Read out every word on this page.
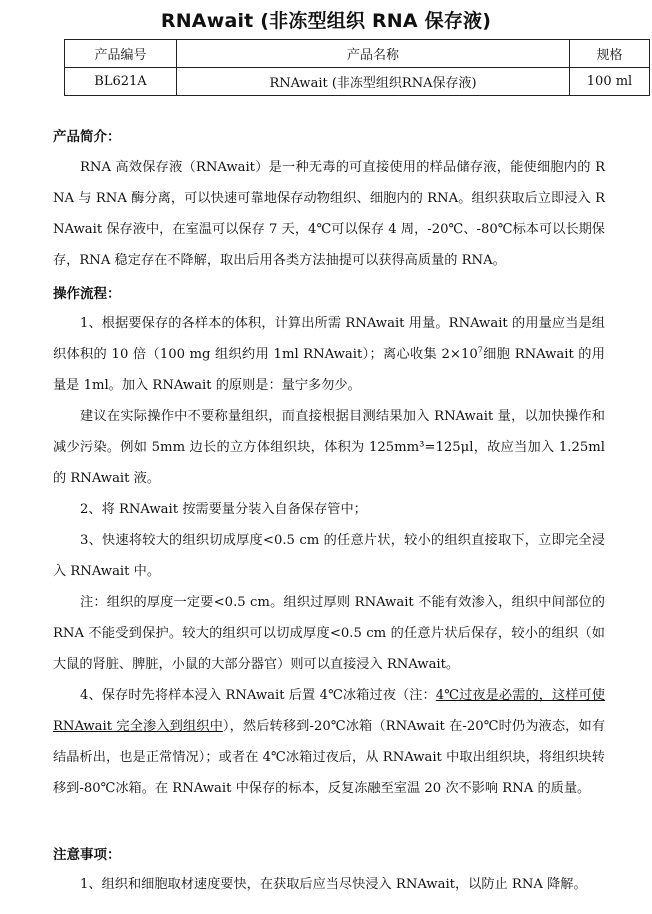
RNAwait (非冻型组织 RNA 保存液)
产品编号	产品名称	规格
BL621A	RNAwait (非冻型组织RNA保存液)	100 ml
产品简介：
RNA 高效保存液（RNAwait）是一种无毒的可直接使用的样品储存液，能使细胞内的 RNA 与 RNA 酶分离，可以快速可靠地保存动物组织、细胞内的 RNA。组织获取后立即浸入 RNAwait 保存液中，在室温可以保存 7 天，4℃可以保存 4 周，-20℃、-80℃标本可以长期保存，RNA 稳定存在不降解，取出后用各类方法抽提可以获得高质量的 RNA。
操作流程：
1、根据要保存的各样本的体积，计算出所需 RNAwait 用量。RNAwait 的用量应当是组织体积的 10 倍（100 mg 组织约用 1ml RNAwait）；离心收集 $2\times 10^7$细胞 RNAwait 的用量是 1ml。加入 RNAwait 的原则是：量宁多勿少。
建议在实际操作中不要称量组织，而直接根据目测结果加入 RNAwait 量，以加快操作和减少污染。例如 5mm 边长的立方体组织块，体积为 125mm³=125μl，故应当加入 1.25ml 的 RNAwait 液。
2、将 RNAwait 按需要量分装入自备保存管中；
3、快速将较大的组织切成厚度<0.5 cm 的任意片状，较小的组织直接取下，立即完全浸入 RNAwait 中。
注：组织的厚度一定要<0.5 cm。组织过厚则 RNAwait 不能有效渗入，组织中间部位的 RNA 不能受到保护。较大的组织可以切成厚度<0.5 cm 的任意片状后保存，较小的组织（如大鼠的肾脏、脾脏，小鼠的大部分器官）则可以直接浸入 RNAwait。
4、保存时先将样本浸入 RNAwait 后置 4℃冰箱过夜（注：4℃过夜是必需的，这样可使 RNAwait 完全渗入到组织中），然后转移到-20℃冰箱（RNAwait 在-20℃时仍为液态，如有结晶析出，也是正常情况）；或者在 4℃冰箱过夜后，从 RNAwait 中取出组织块，将组织块转移到-80℃冰箱。在 RNAwait 中保存的标本，反复冻融至室温 20 次不影响 RNA 的质量。
注意事项：
1、组织和细胞取材速度要快，在获取后应当尽快浸入 RNAwait，以防止 RNA 降解。
